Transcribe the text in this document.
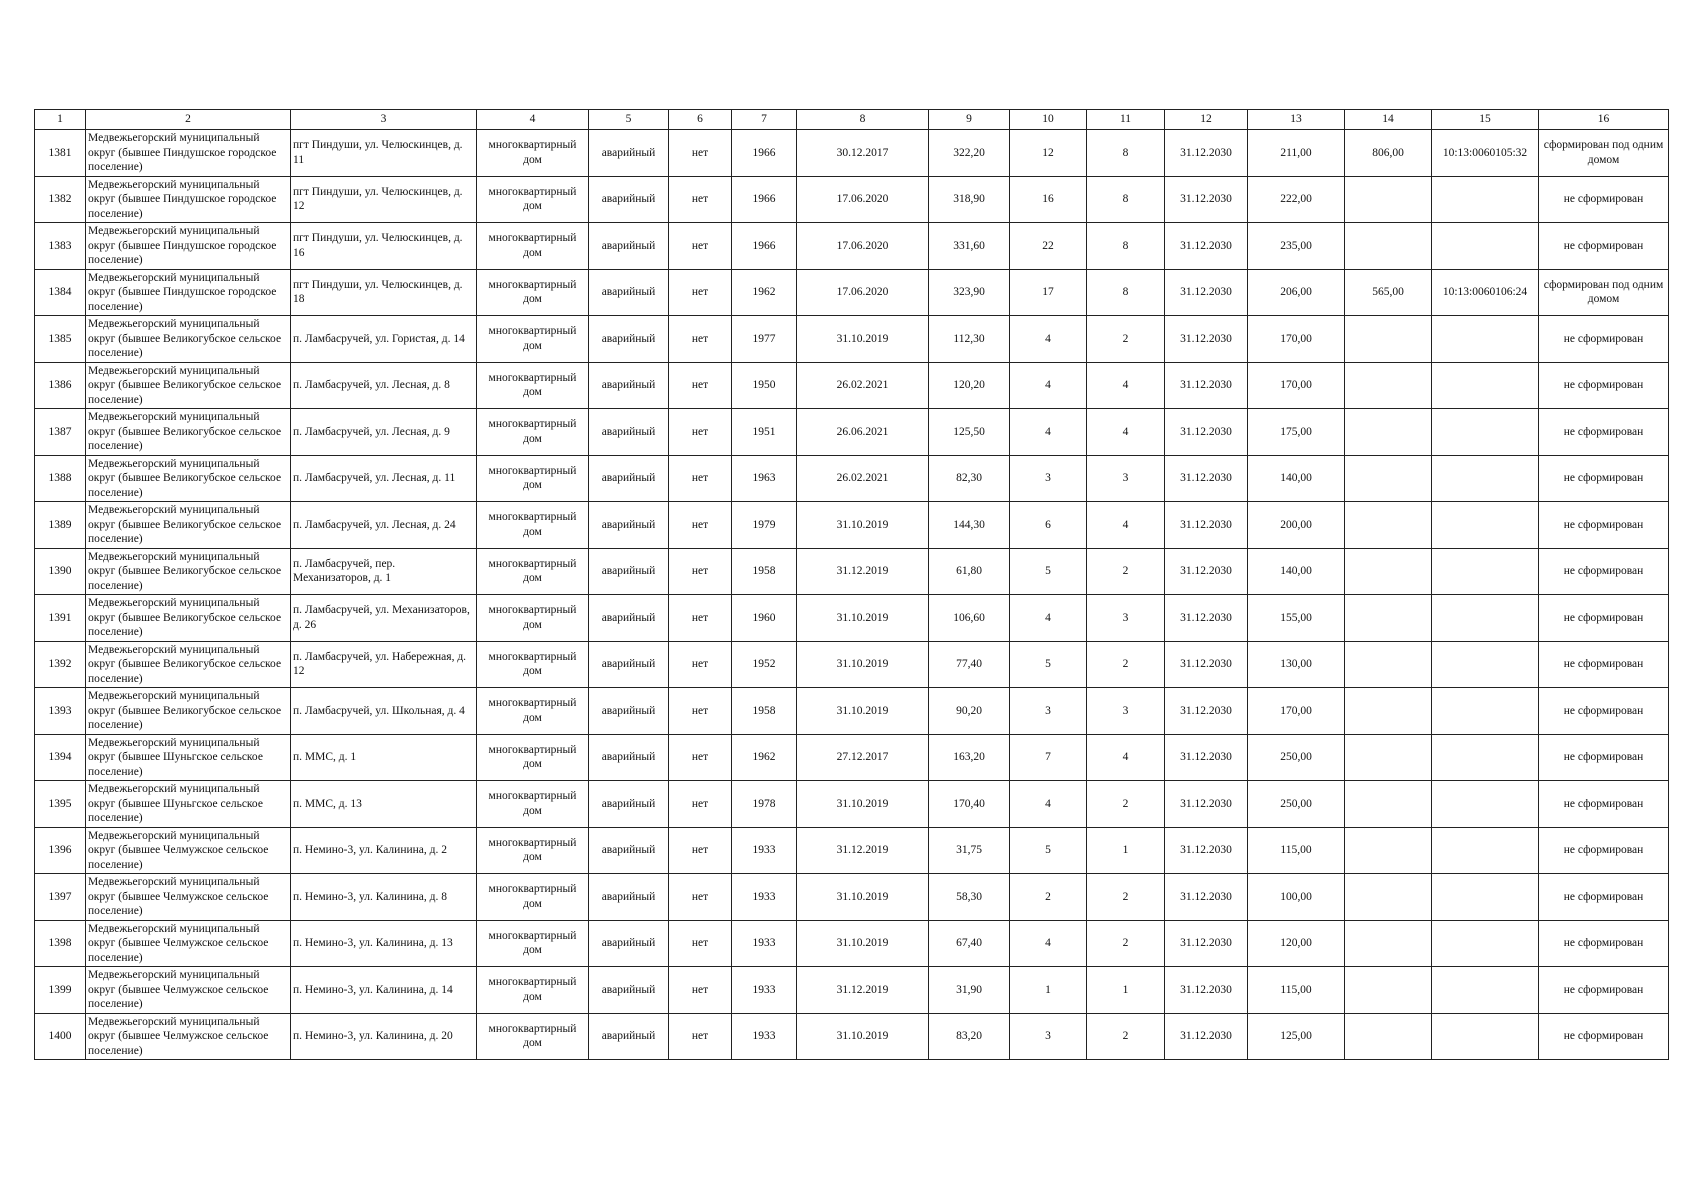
1	2	3	4	5	6	7	8	9	10	11	12	13	14	15	16
1381	Медвежьегорский муниципальный округ (бывшее Пиндушское городское поселение)	пгт Пиндуши, ул. Челюскинцев, д. 11	многоквартирный дом	аварийный	нет	1966	30.12.2017	322,20	12	8	31.12.2030	211,00	806,00	10:13:0060105:32	сформирован под одним домом
1382	Медвежьегорский муниципальный округ (бывшее Пиндушское городское поселение)	пгт Пиндуши, ул. Челюскинцев, д. 12	многоквартирный дом	аварийный	нет	1966	17.06.2020	318,90	16	8	31.12.2030	222,00			не сформирован
1383	Медвежьегорский муниципальный округ (бывшее Пиндушское городское поселение)	пгт Пиндуши, ул. Челюскинцев, д. 16	многоквартирный дом	аварийный	нет	1966	17.06.2020	331,60	22	8	31.12.2030	235,00			не сформирован
1384	Медвежьегорский муниципальный округ (бывшее Пиндушское городское поселение)	пгт Пиндуши, ул. Челюскинцев, д. 18	многоквартирный дом	аварийный	нет	1962	17.06.2020	323,90	17	8	31.12.2030	206,00	565,00	10:13:0060106:24	сформирован под одним домом
1385	Медвежьегорский муниципальный округ (бывшее Великогубское сельское поселение)	п. Ламбасручей, ул. Гористая, д. 14	многоквартирный дом	аварийный	нет	1977	31.10.2019	112,30	4	2	31.12.2030	170,00			не сформирован
1386	Медвежьегорский муниципальный округ (бывшее Великогубское сельское поселение)	п. Ламбасручей, ул. Лесная, д. 8	многоквартирный дом	аварийный	нет	1950	26.02.2021	120,20	4	4	31.12.2030	170,00			не сформирован
1387	Медвежьегорский муниципальный округ (бывшее Великогубское сельское поселение)	п. Ламбасручей, ул. Лесная, д. 9	многоквартирный дом	аварийный	нет	1951	26.06.2021	125,50	4	4	31.12.2030	175,00			не сформирован
1388	Медвежьегорский муниципальный округ (бывшее Великогубское сельское поселение)	п. Ламбасручей, ул. Лесная, д. 11	многоквартирный дом	аварийный	нет	1963	26.02.2021	82,30	3	3	31.12.2030	140,00			не сформирован
1389	Медвежьегорский муниципальный округ (бывшее Великогубское сельское поселение)	п. Ламбасручей, ул. Лесная, д. 24	многоквартирный дом	аварийный	нет	1979	31.10.2019	144,30	6	4	31.12.2030	200,00			не сформирован
1390	Медвежьегорский муниципальный округ (бывшее Великогубское сельское поселение)	п. Ламбасручей, пер. Механизаторов, д. 1	многоквартирный дом	аварийный	нет	1958	31.12.2019	61,80	5	2	31.12.2030	140,00			не сформирован
1391	Медвежьегорский муниципальный округ (бывшее Великогубское сельское поселение)	п. Ламбасручей, ул. Механизаторов, д. 26	многоквартирный дом	аварийный	нет	1960	31.10.2019	106,60	4	3	31.12.2030	155,00			не сформирован
1392	Медвежьегорский муниципальный округ (бывшее Великогубское сельское поселение)	п. Ламбасручей, ул. Набережная, д. 12	многоквартирный дом	аварийный	нет	1952	31.10.2019	77,40	5	2	31.12.2030	130,00			не сформирован
1393	Медвежьегорский муниципальный округ (бывшее Великогубское сельское поселение)	п. Ламбасручей, ул. Школьная, д. 4	многоквартирный дом	аварийный	нет	1958	31.10.2019	90,20	3	3	31.12.2030	170,00			не сформирован
1394	Медвежьегорский муниципальный округ (бывшее Шуньгское сельское поселение)	п. ММС, д. 1	многоквартирный дом	аварийный	нет	1962	27.12.2017	163,20	7	4	31.12.2030	250,00			не сформирован
1395	Медвежьегорский муниципальный округ (бывшее Шуньгское сельское поселение)	п. ММС, д. 13	многоквартирный дом	аварийный	нет	1978	31.10.2019	170,40	4	2	31.12.2030	250,00			не сформирован
1396	Медвежьегорский муниципальный округ (бывшее Челмужское сельское поселение)	п. Немино-3, ул. Калинина, д. 2	многоквартирный дом	аварийный	нет	1933	31.12.2019	31,75	5	1	31.12.2030	115,00			не сформирован
1397	Медвежьегорский муниципальный округ (бывшее Челмужское сельское поселение)	п. Немино-3, ул. Калинина, д. 8	многоквартирный дом	аварийный	нет	1933	31.10.2019	58,30	2	2	31.12.2030	100,00			не сформирован
1398	Медвежьегорский муниципальный округ (бывшее Челмужское сельское поселение)	п. Немино-3, ул. Калинина, д. 13	многоквартирный дом	аварийный	нет	1933	31.10.2019	67,40	4	2	31.12.2030	120,00			не сформирован
1399	Медвежьегорский муниципальный округ (бывшее Челмужское сельское поселение)	п. Немино-3, ул. Калинина, д. 14	многоквартирный дом	аварийный	нет	1933	31.12.2019	31,90	1	1	31.12.2030	115,00			не сформирован
1400	Медвежьегорский муниципальный округ (бывшее Челмужское сельское поселение)	п. Немино-3, ул. Калинина, д. 20	многоквартирный дом	аварийный	нет	1933	31.10.2019	83,20	3	2	31.12.2030	125,00			не сформирован
